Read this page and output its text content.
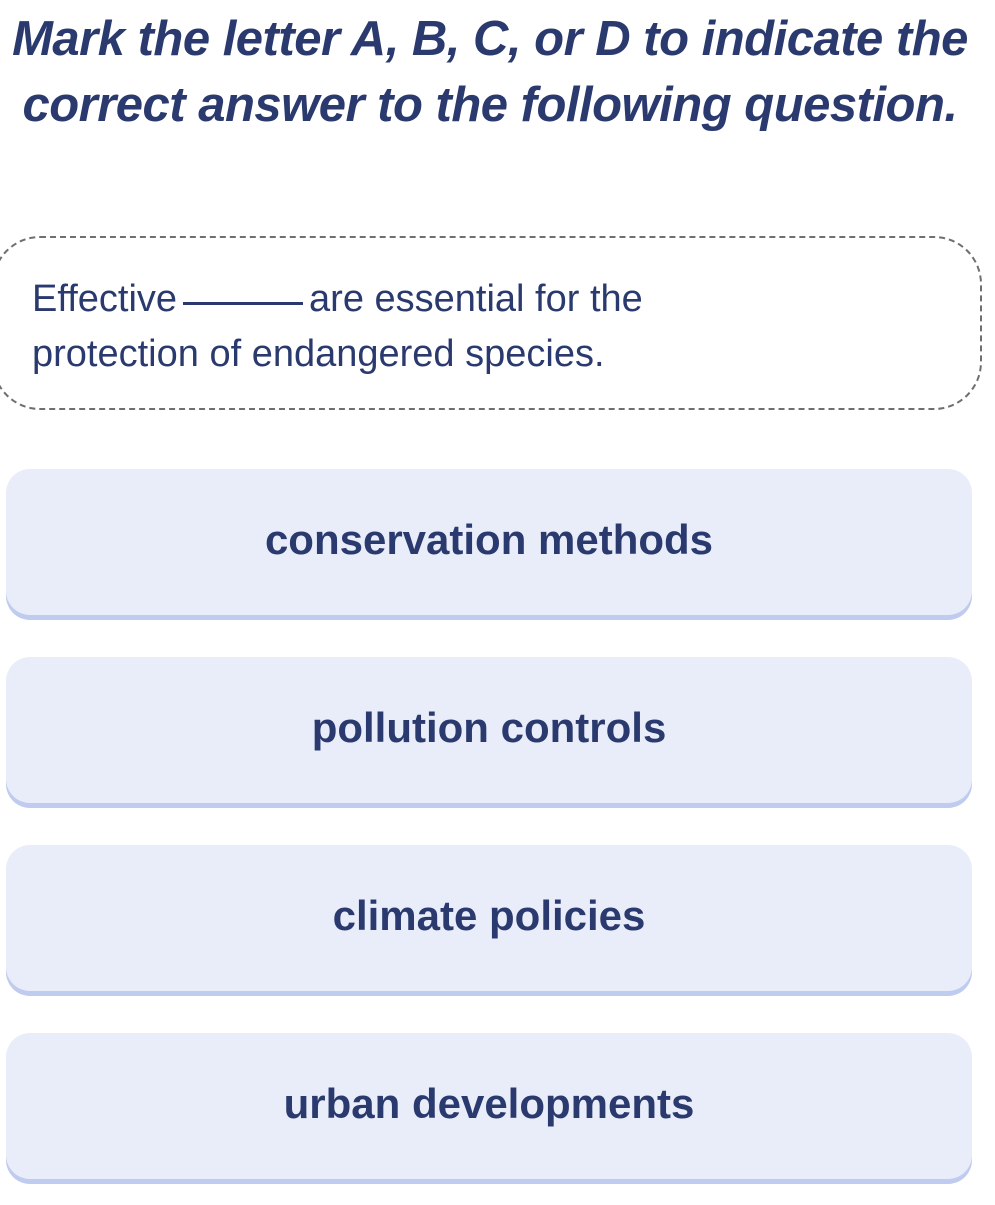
Mark the letter A, B, C, or D to indicate the correct answer to the following question.
Effective	are essential for the protection of endangered species.
conservation methods
pollution controls
climate policies
urban developments
